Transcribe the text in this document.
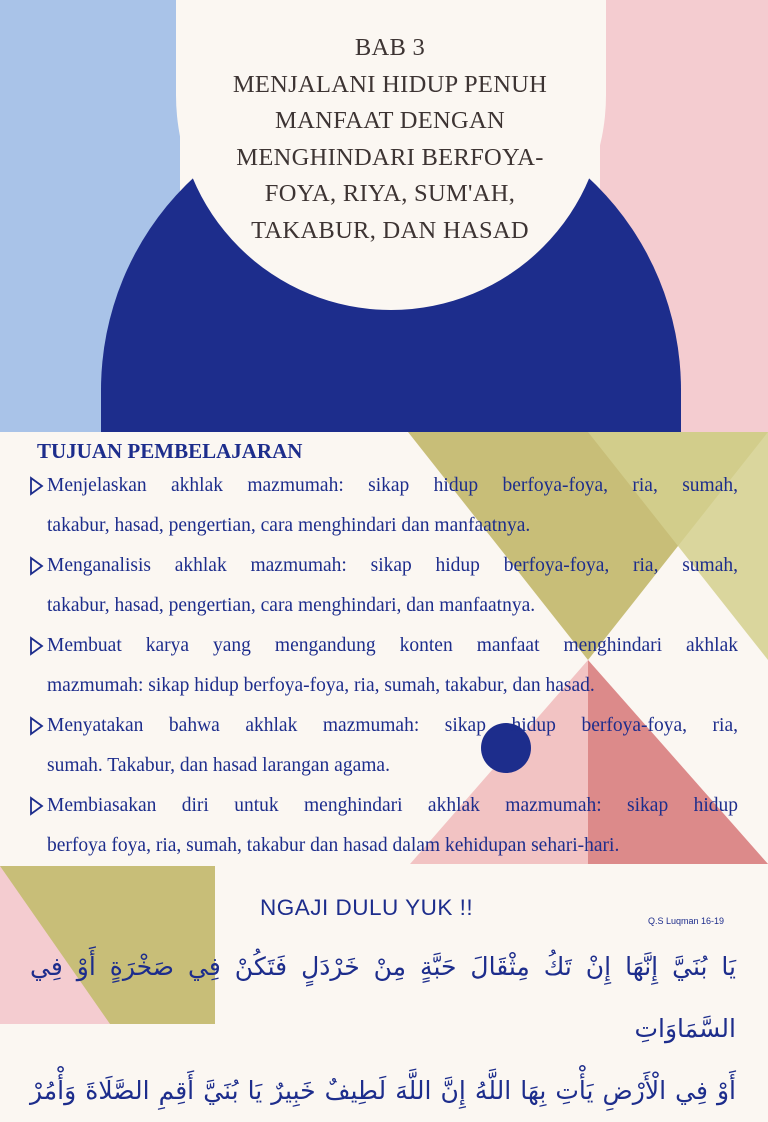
BAB 3
MENJALANI HIDUP PENUH
MANFAAT DENGAN
MENGHINDARI BERFOYA-
FOYA, RIYA, SUM'AH,
TAKABUR, DAN HASAD
TUJUAN PEMBELAJARAN
Menjelaskan akhlak mazmumah: sikap hidup berfoya-foya, ria, sumah,
takabur, hasad, pengertian, cara menghindari dan manfaatnya.
Menganalisis akhlak mazmumah: sikap hidup berfoya-foya, ria, sumah,
takabur, hasad, pengertian, cara menghindari, dan manfaatnya.
Membuat karya yang mengandung konten manfaat menghindari akhlak
mazmumah: sikap hidup berfoya-foya, ria, sumah, takabur, dan hasad.
Menyatakan bahwa akhlak mazmumah: sikap hidup berfoya-foya, ria,
sumah. Takabur, dan hasad larangan agama.
Membiasakan diri untuk menghindari akhlak mazmumah: sikap hidup
berfoya foya, ria, sumah, takabur dan hasad dalam kehidupan sehari-hari.
NGAJI DULU YUK !!
Q.S Luqman 16-19
يَا بُنَيَّ إِنَّهَا إِنْ تَكُ مِثْقَالَ حَبَّةٍ مِنْ خَرْدَلٍ فَتَكُنْ فِي صَخْرَةٍ أَوْ فِي السَّمَاوَاتِ
أَوْ فِي الْأَرْضِ يَأْتِ بِهَا اللَّهُ إِنَّ اللَّهَ لَطِيفٌ خَبِيرٌ يَا بُنَيَّ أَقِمِ الصَّلَاةَ وَأْمُرْ
